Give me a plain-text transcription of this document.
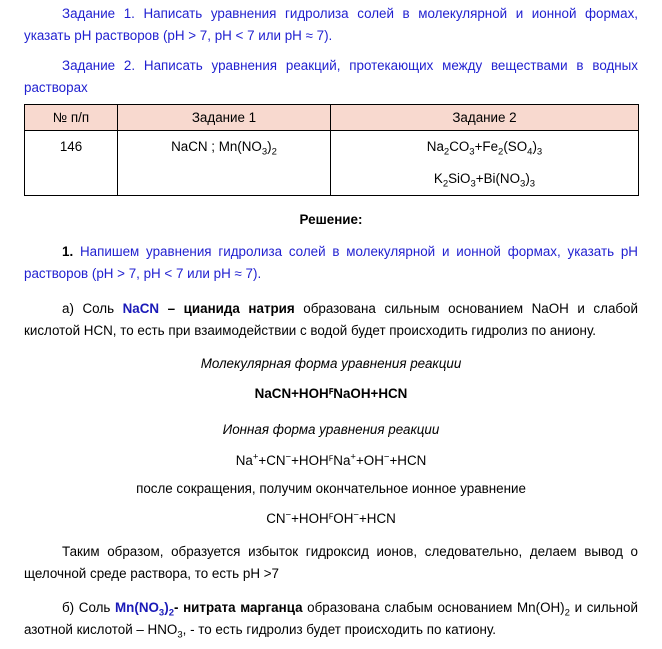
Задание 1. Написать уравнения гидролиза солей в молекулярной и ионной формах, указать рН растворов (рН > 7, рН < 7 или рН ≈ 7).

Задание 2. Написать уравнения реакций, протекающих между веществами в водных растворах

№ п/п	Задание 1	Задание 2

146	NaCN ; $Mn(NO_3)_2$	$Na_2CO_3+Fe_2(SO_4)_3$
$K_2SiO_3+Bi(NO_3)_3$

Решение:

1. Напишем уравнения гидролиза солей в молекулярной и ионной формах, указать рН растворов (рН > 7, рН < 7 или рН ≈ 7).

а) Соль NaCN – цианида натрия образована сильным основанием NaOH и слабой кислотой HCN, то есть при взаимодействии с водой будет происходить гидролиз по аниону.

Молекулярная форма уравнения реакции

NaCN+HOHꟳNaOH+HCN

Ионная форма уравнения реакции

Na++CN−+HOHꟳNa++OH−+HCN

после сокращения, получим окончательное ионное уравнение

CN−+HOHꟳOH−+HCN

Таким образом, образуется избыток гидроксид ионов, следовательно, делаем вывод о щелочной среде раствора, то есть рН >7

б) Соль $Mn(NO_3)_2-$ нитрата марганца образована слабым основанием $Mn(OH)_2$ и сильной азотной кислотой – $HNO_3$, - то есть гидролиз будет происходить по катиону.
